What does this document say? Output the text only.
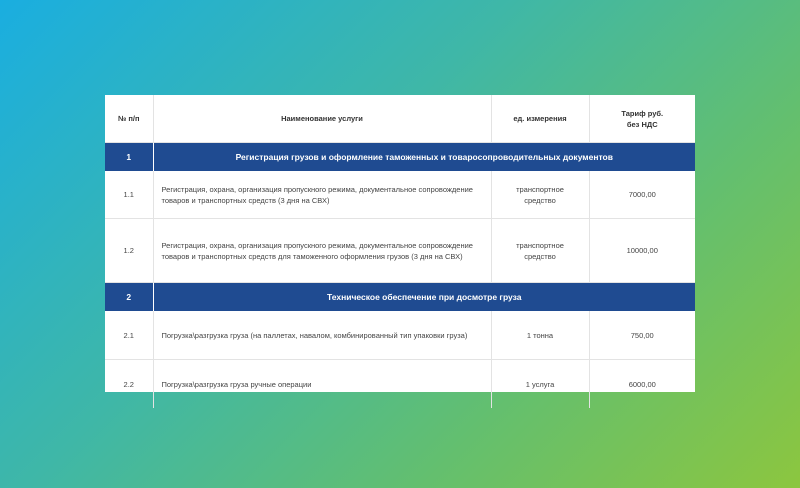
№ п/п	Наименование услуги	ед. измерения	Тариф руб.
без НДС
1	Регистрация грузов и оформление таможенных и товаросопроводительных документов		
1.1	Регистрация, охрана, организация пропускного режима, документальное сопровождение товаров и транспортных средств (3 дня на СВХ)	транспортное средство	7000,00
1.2	Регистрация, охрана, организация пропускного режима, документальное сопровождение товаров и транспортных средств для таможенного оформления грузов (3 дня на СВХ)	транспортное средство	10000,00
2	Техническое обеспечение при досмотре груза		
2.1	Погрузка\разгрузка груза (на паллетах, навалом, комбинированный тип упаковки груза)	1 тонна	750,00
2.2	Погрузка\разгрузка груза ручные операции	1 услуга	6000,00
